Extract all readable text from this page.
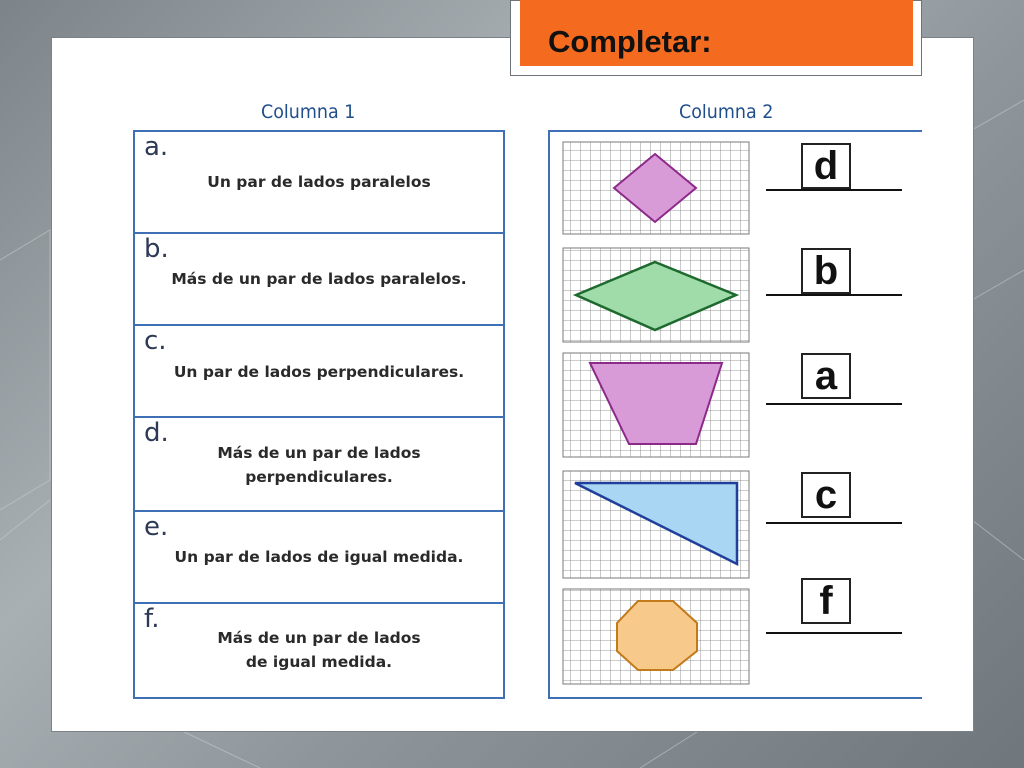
Completar:
Columna 1	Columna 2
a.
Un par de lados paralelos
b.
Más de un par de lados paralelos.
c.
Un par de lados perpendiculares.
d.
Más de un par de lados
perpendiculares.
e.
Un par de lados de igual medida.
f.
Más de un par de lados
de igual medida.
d
b
a
c
f
